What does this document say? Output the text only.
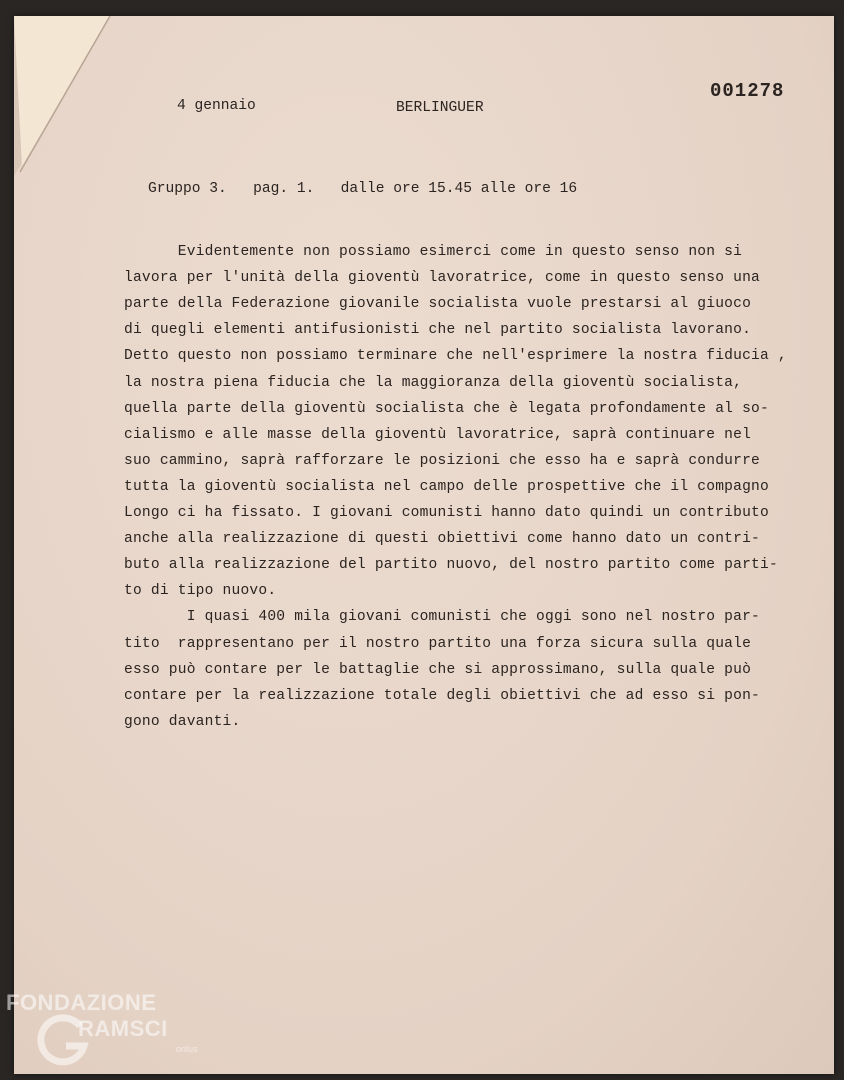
4 gennaio	BERLINGUER
001278
Gruppo 3.   pag. 1.   dalle ore 15.45 alle ore 16
Evidentemente non possiamo esimerci come in questo senso non si
lavora per l'unità della gioventù lavoratrice, come in questo senso una
parte della Federazione giovanile socialista vuole prestarsi al giuoco
di quegli elementi antifusionisti che nel partito socialista lavorano.
Detto questo non possiamo terminare che nell'esprimere la nostra fiducia ,
la nostra piena fiducia che la maggioranza della gioventù socialista,
quella parte della gioventù socialista che è legata profondamente al so-
cialismo e alle masse della gioventù lavoratrice, saprà continuare nel
suo cammino, saprà rafforzare le posizioni che esso ha e saprà condurre
tutta la gioventù socialista nel campo delle prospettive che il compagno
Longo ci ha fissato. I giovani comunisti hanno dato quindi un contributo
anche alla realizzazione di questi obiettivi come hanno dato un contri-
buto alla realizzazione del partito nuovo, del nostro partito come parti-
to di tipo nuovo.
I quasi 400 mila giovani comunisti che oggi sono nel nostro par-
tito  rappresentano per il nostro partito una forza sicura sulla quale
esso può contare per le battaglie che si approssimano, sulla quale può
contare per la realizzazione totale degli obiettivi che ad esso si pon-
gono davanti.
FONDAZIONE
RAMSCI
onlus
